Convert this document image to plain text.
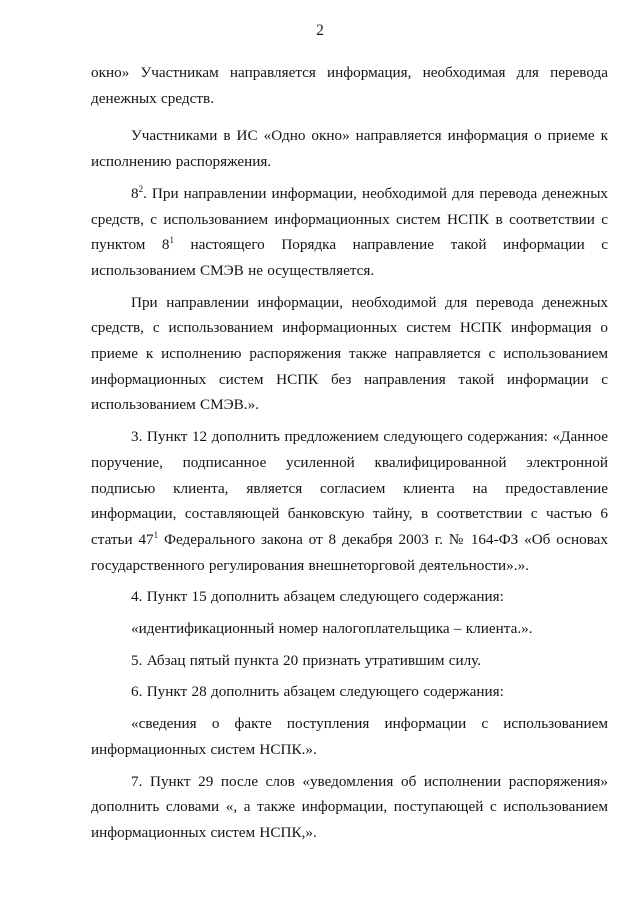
2

окно» Участникам направляется информация, необходимая для перевода денежных средств.

Участниками в ИС «Одно окно» направляется информация о приеме к исполнению распоряжения.

$8^2$. При направлении информации, необходимой для перевода денежных средств, с использованием информационных систем НСПК в соответствии с пунктом $8^1$ настоящего Порядка направление такой информации с использованием СМЭВ не осуществляется.

При направлении информации, необходимой для перевода денежных средств, с использованием информационных систем НСПК информация о приеме к исполнению распоряжения также направляется с использованием информационных систем НСПК без направления такой информации с использованием СМЭВ.».

3. Пункт 12 дополнить предложением следующего содержания: «Данное поручение, подписанное усиленной квалифицированной электронной подписью клиента, является согласием клиента на предоставление информации, составляющей банковскую тайну, в соответствии с частью 6 статьи $47^1$ Федерального закона от 8 декабря 2003 г. № 164-ФЗ «Об основах государственного регулирования внешнеторговой деятельности».».

4. Пункт 15 дополнить абзацем следующего содержания:

«идентификационный номер налогоплательщика – клиента.».

5. Абзац пятый пункта 20 признать утратившим силу.

6. Пункт 28 дополнить абзацем следующего содержания:

«сведения о факте поступления информации с использованием информационных систем НСПК.».

7. Пункт 29 после слов «уведомления об исполнении распоряжения» дополнить словами «, а также информации, поступающей с использованием информационных систем НСПК,».
